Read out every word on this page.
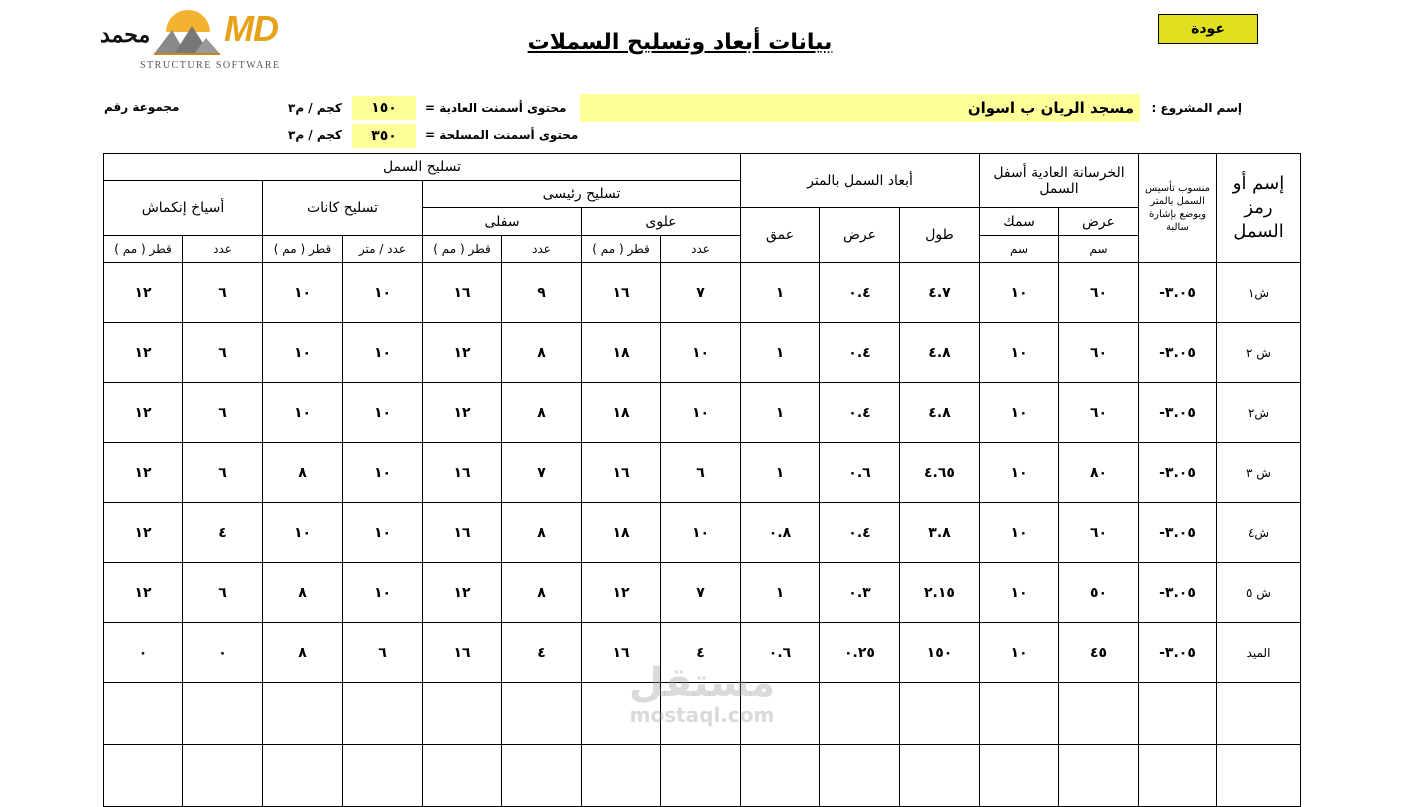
MD
STRUCTURE SOFTWARE
محمد	بيانات أبعاد وتسليح السملات
عودة
إسم المشروع :
مسجد الريان ب اسوان
محتوى أسمنت العادية =
١٥٠
كجم / م٣
محتوى أسمنت المسلحة =
٣٥٠
كجم / م٣
مجموعة رقم
تسليح السمل								أبعاد السمل بالمتر			الخرسانة العادية أسفل السمل		منسوب تأسيس السمل بالمتر ويوضع بإشارة سالبة	إسم أو رمز السمل
أسياخ إنكماش		تسليح كانات		تسليح رئيسى										
				سفلى		علوى		عمق	عرض	طول	سمك	عرض		
قطر ( مم )	عدد	قطر ( مم )	عدد / متر	قطر ( مم )	عدد	قطر ( مم )	عدد				سم	سم		
١٢	٦	١٠	١٠	١٦	٩	١٦	٧	١	٠.٤	٤.٧	١٠	٦٠	-٣.٠٥	ش١
١٢	٦	١٠	١٠	١٢	٨	١٨	١٠	١	٠.٤	٤.٨	١٠	٦٠	-٣.٠٥	ش ٢
١٢	٦	١٠	١٠	١٢	٨	١٨	١٠	١	٠.٤	٤.٨	١٠	٦٠	-٣.٠٥	ش٢
١٢	٦	٨	١٠	١٦	٧	١٦	٦	١	٠.٦	٤.٦٥	١٠	٨٠	-٣.٠٥	ش ٣
١٢	٤	١٠	١٠	١٦	٨	١٨	١٠	٠.٨	٠.٤	٣.٨	١٠	٦٠	-٣.٠٥	ش٤
١٢	٦	٨	١٠	١٢	٨	١٢	٧	١	٠.٣	٢.١٥	١٠	٥٠	-٣.٠٥	ش ٥
٠	٠	٨	٦	١٦	٤	١٦	٤	٠.٦	٠.٢٥	١٥٠	١٠	٤٥	-٣.٠٥	الميد

مستقل
mostaql.com
